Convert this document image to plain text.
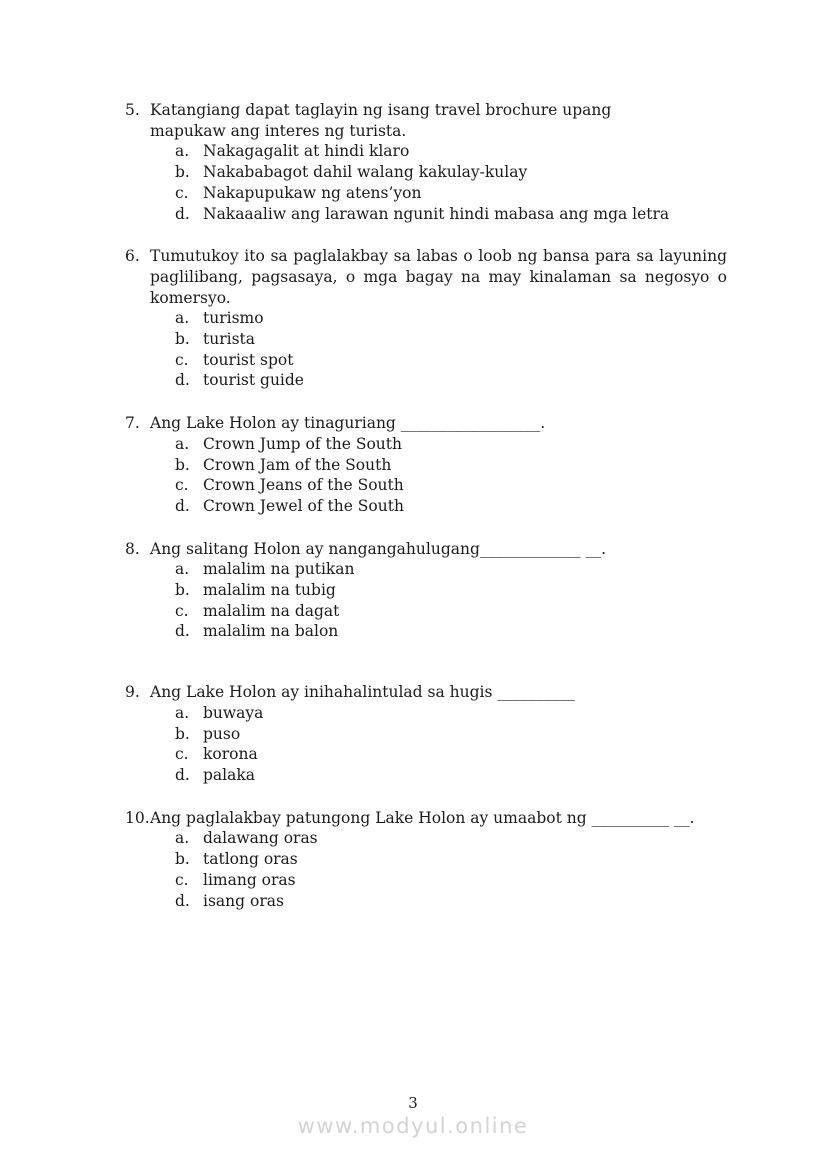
5. Katangiang dapat taglayin ng isang travel brochure upang
mapukaw ang interes ng turista.
a. Nakagagalit at hindi klaro
b. Nakababagot dahil walang kakulay-kulay
c. Nakapupukaw ng atens’yon
d. Nakaaaliw ang larawan ngunit hindi mabasa ang mga letra
6. Tumutukoy ito sa paglalakbay sa labas o loob ng bansa para sa layuning
paglilibang, pagsasaya, o mga bagay na may kinalaman sa negosyo o
komersyo.
a. turismo
b. turista
c. tourist spot
d. tourist guide
7. Ang Lake Holon ay tinaguriang __________________.
a. Crown Jump of the South
b. Crown Jam of the South
c. Crown Jeans of the South
d. Crown Jewel of the South
8. Ang salitang Holon ay nangangahulugang_____________ __.
a. malalim na putikan
b. malalim na tubig
c. malalim na dagat
d. malalim na balon
9. Ang Lake Holon ay inihahalintulad sa hugis __________
a. buwaya
b. puso
c. korona
d. palaka
10. Ang paglalakbay patungong Lake Holon ay umaabot ng __________ __.
a. dalawang oras
b. tatlong oras
c. limang oras
d. isang oras
3
www.modyul.online
